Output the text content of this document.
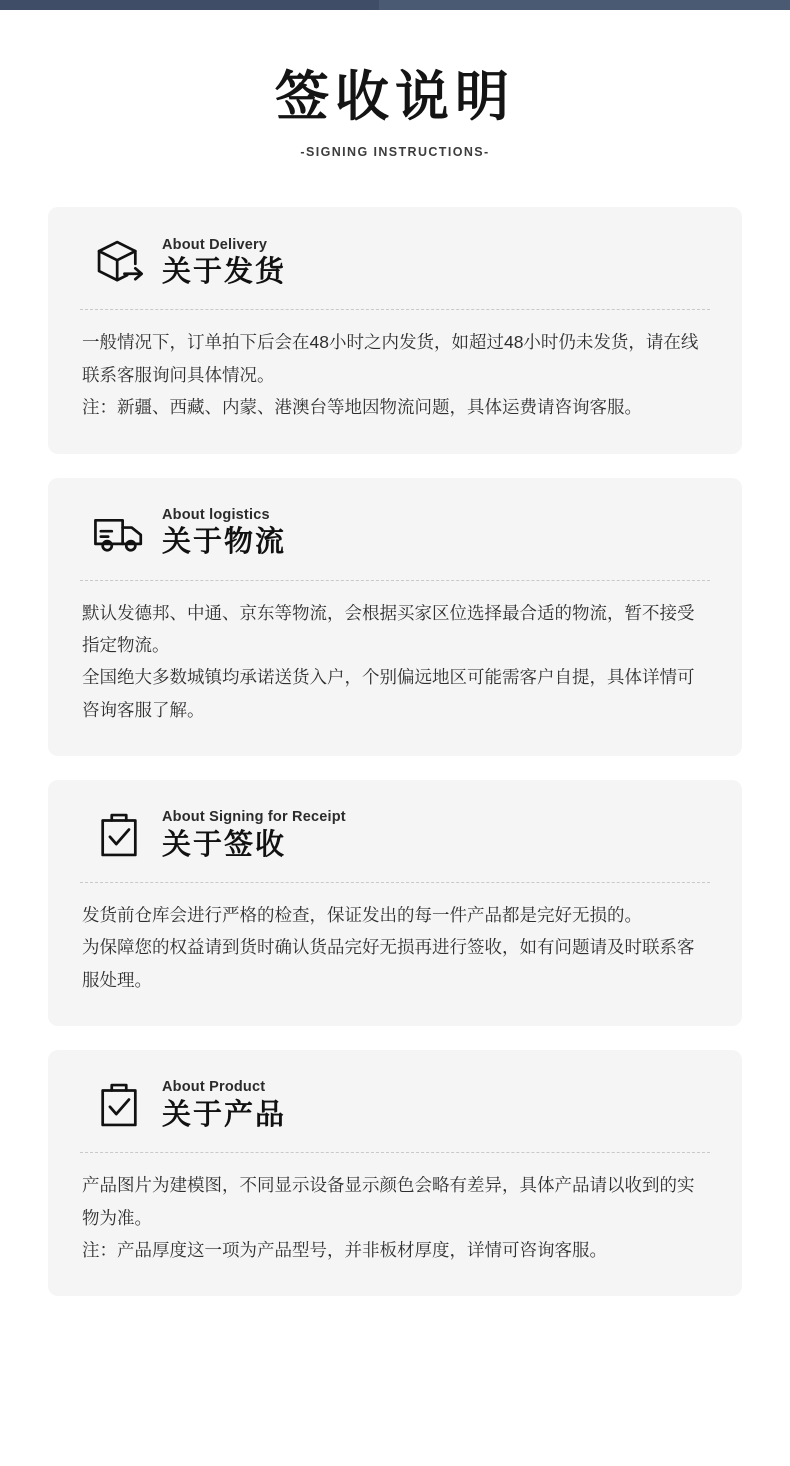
签收说明
-SIGNING INSTRUCTIONS-
About Delivery
关于发货

一般情况下，订单拍下后会在48小时之内发货，如超过48小时仍未发货，请在线联系客服询问具体情况。

注：新疆、西藏、内蒙、港澳台等地因物流问题，具体运费请咨询客服。

About logistics
关于物流

默认发德邦、中通、京东等物流，会根据买家区位选择最合适的物流，暂不接受指定物流。

全国绝大多数城镇均承诺送货入户，个别偏远地区可能需客户自提，具体详情可咨询客服了解。

About Signing for Receipt
关于签收

发货前仓库会进行严格的检查，保证发出的每一件产品都是完好无损的。

为保障您的权益请到货时确认货品完好无损再进行签收，如有问题请及时联系客服处理。

About Product
关于产品

产品图片为建模图，不同显示设备显示颜色会略有差异，具体产品请以收到的实物为准。

注：产品厚度这一项为产品型号，并非板材厚度，详情可咨询客服。
